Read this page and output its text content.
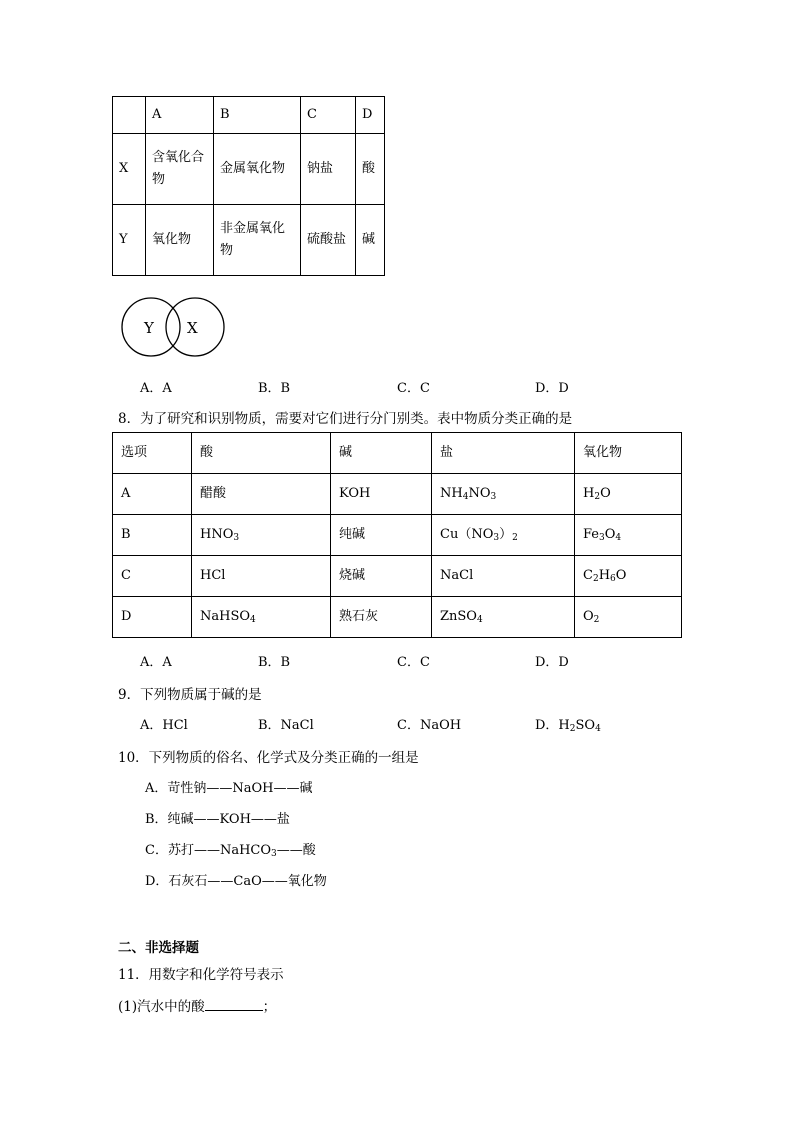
	A	B	C	D
X	含氧化合物	金属氧化物	钠盐	酸
Y	氧化物	非金属氧化物	硫酸盐	碱
Y X
A．A	B．B	C．C	D．D
8．为了研究和识别物质，需要对它们进行分门别类。表中物质分类正确的是
选项	酸	碱	盐	氧化物
A	醋酸	KOH	$NH_4NO_3$	$H_2O$
B	$HNO_3$	纯碱	$Cu(NO_3)_2$	$Fe_3O_4$
C	HCl	烧碱	NaCl	$C_2H_6O$
D	NaHSO$_4$	熟石灰	ZnSO$_4$	$O_2$
A．A	B．B	C．C	D．D
9．下列物质属于碱的是
A．HCl	B．NaCl	C．NaOH	D．$H_2SO_4$
10．下列物质的俗名、化学式及分类正确的一组是
A．苛性钠——NaOH——碱
B．纯碱——KOH——盐
C．苏打——NaHCO$_3$——酸
D．石灰石——CaO——氧化物
二、非选择题
11．用数字和化学符号表示
(1)汽水中的酸	；
